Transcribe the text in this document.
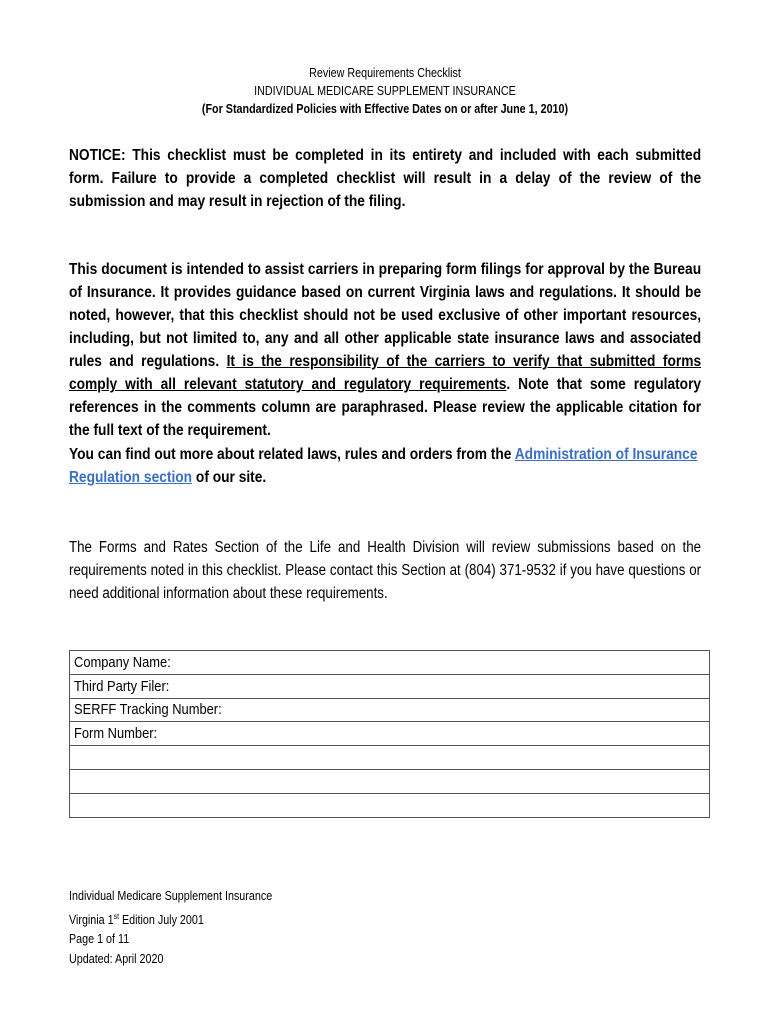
Review Requirements Checklist
INDIVIDUAL MEDICARE SUPPLEMENT INSURANCE
(For Standardized Policies with Effective Dates on or after June 1, 2010)
NOTICE: This checklist must be completed in its entirety and included with each submitted form. Failure to provide a completed checklist will result in a delay of the review of the submission and may result in rejection of the filing.
This document is intended to assist carriers in preparing form filings for approval by the Bureau of Insurance. It provides guidance based on current Virginia laws and regulations. It should be noted, however, that this checklist should not be used exclusive of other important resources, including, but not limited to, any and all other applicable state insurance laws and associated rules and regulations. It is the responsibility of the carriers to verify that submitted forms comply with all relevant statutory and regulatory requirements. Note that some regulatory references in the comments column are paraphrased. Please review the applicable citation for the full text of the requirement.
You can find out more about related laws, rules and orders from the Administration of Insurance Regulation section of our site.
The Forms and Rates Section of the Life and Health Division will review submissions based on the requirements noted in this checklist. Please contact this Section at (804) 371-9532 if you have questions or need additional information about these requirements.
Company Name:
Third Party Filer:
SERFF Tracking Number:
Form Number:

Individual Medicare Supplement Insurance
Virginia 1st Edition July 2001
Page 1 of 11
Updated: April 2020
